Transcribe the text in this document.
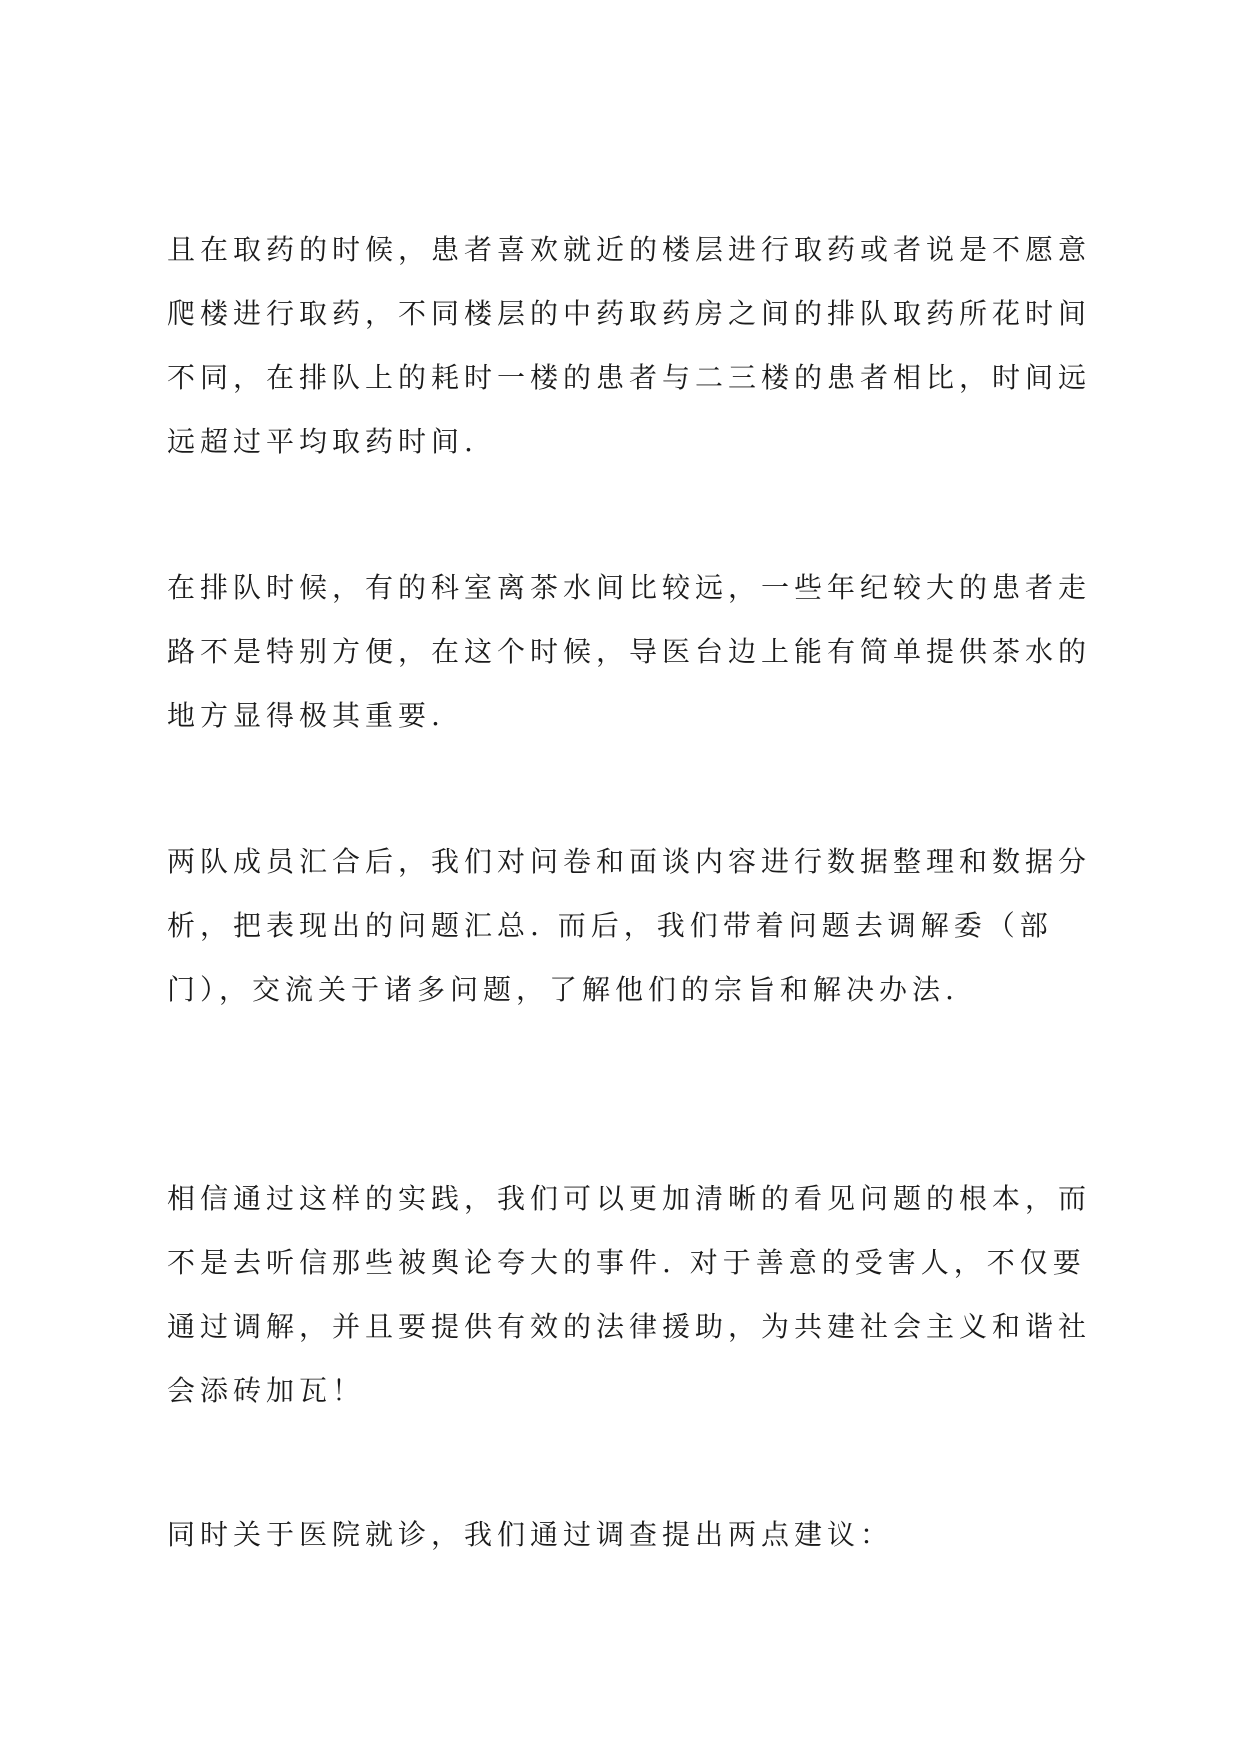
且在取药的时候，患者喜欢就近的楼层进行取药或者说是不愿意
爬楼进行取药，不同楼层的中药取药房之间的排队取药所花时间
不同，在排队上的耗时一楼的患者与二三楼的患者相比，时间远
远超过平均取药时间.

在排队时候，有的科室离茶水间比较远，一些年纪较大的患者走
路不是特别方便，在这个时候，导医台边上能有简单提供茶水的
地方显得极其重要.

两队成员汇合后，我们对问卷和面谈内容进行数据整理和数据分
析，把表现出的问题汇总. 而后，我们带着问题去调解委（部
门），交流关于诸多问题，了解他们的宗旨和解决办法.

相信通过这样的实践，我们可以更加清晰的看见问题的根本，而
不是去听信那些被舆论夸大的事件. 对于善意的受害人，不仅要
通过调解，并且要提供有效的法律援助，为共建社会主义和谐社
会添砖加瓦！

同时关于医院就诊，我们通过调查提出两点建议：
